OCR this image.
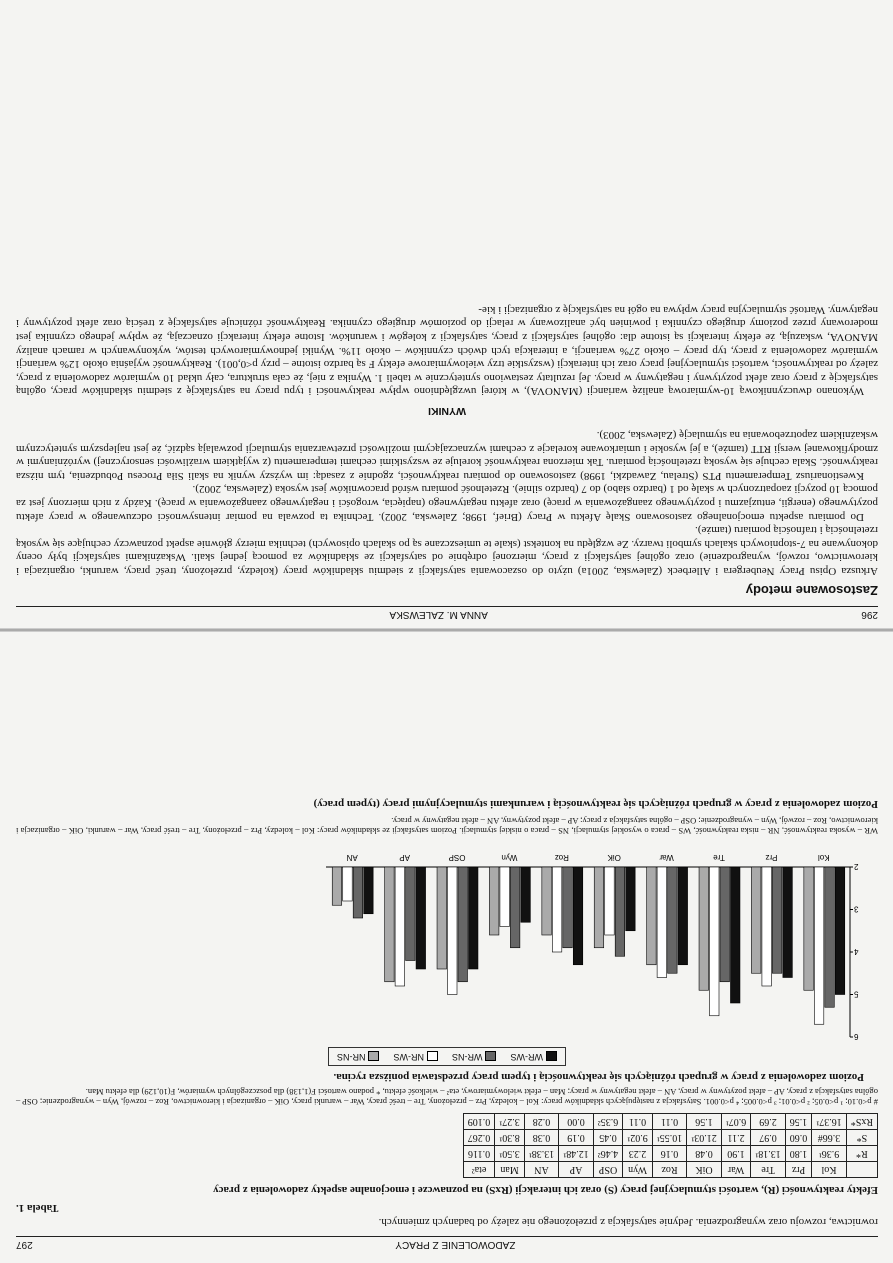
296
ANNA M. ZALEWSKA
Zastosowane metody

Arkusza Opisu Pracy Neubergera i Allerbeck (Zalewska, 2001a) użyto do oszacowania satysfakcji z siedmiu składników pracy (koledzy, przełożony, treść pracy, warunki, organizacja i kierownictwo, rozwój, wynagrodzenie) oraz ogólnej satysfakcji z pracy, mierzonej odrębnie od satysfakcji ze składników za pomocą jednej skali. Wskaźnikami satysfakcji były oceny dokonywane na 7-stopniowych skalach symboli twarzy. Ze względu na kontekst (skale te umieszczane są po skalach opisowych) technika mierzy głównie aspekt poznawczy cechujące się wysoką rzetelnością i trafnością pomiaru (tamże).

Do pomiaru aspektu emocjonalnego zastosowano Skalę Afektu w Pracy (Brief, 1998; Zalewska, 2002). Technika ta pozwala na pomiar intensywności odczuwanego w pracy afektu pozytywnego (energii, entuzjazmu i pozytywnego zaangażowania w pracę) oraz afektu negatywnego (napięcia, wrogości i negatywnego zaangażowania w pracę). Każdy z nich mierzony jest za pomocą 10 pozycji zaopatrzonych w skalę od 1 (bardzo słabo) do 7 (bardzo silnie). Rzetelność pomiaru wśród pracowników jest wysoka (Zalewska, 2002).

Kwestionariusz Temperamentu PTS (Strelau, Zawadzki, 1998) zastosowano do pomiaru reaktywności, zgodnie z zasadą: im wyższy wynik na skali Siła Procesu Pobudzenia, tym niższa reaktywność. Skala cechuje się wysoką rzetelnością pomiaru. Tak mierzona reaktywność koreluje ze wszystkimi cechami temperamentu (z wyjątkiem wrażliwości sensorycznej) wyróżnianymi w zmodyfikowanej wersji RTT (tamże), a jej wysokie i umiarkowane korelacje z cechami wyznaczającymi możliwości przetwarzania stymulacji pozwalają sądzić, że jest najlepszym syntetycznym wskaźnikiem zapotrzebowania na stymulację (Zalewska, 2003).

WYNIKI

Wykonano dwuczynnikową 10-wymiarową analizę wariancji (MANOVA), w której uwzględniono wpływ reaktywności i typu pracy na satysfakcję z siedmiu składników pracy, ogólną satysfakcję z pracy oraz afekt pozytywny i negatywny w pracy. Jej rezultaty zestawiono syntetycznie w tabeli 1. Wynika z niej, że cała struktura, cały układ 10 wymiarów zadowolenia z pracy, zależy od reaktywności, wartości stymulacyjnej pracy oraz ich interakcji (wszystkie trzy wielowymiarowe efekty F są bardzo istotne – przy p<0,001). Reaktywność wyjaśnia około 12% wariancji wymiarów zadowolenia z pracy, typ pracy – około 27% wariancji, a interakcja tych dwóch czynników – około 11%. Wyniki jednowymiarowych testów, wykonywanych w ramach analizy MANOVA, wskazują, że efekty interakcji są istotne dla: ogólnej satysfakcji z pracy, satysfakcji z kolegów i warunków. Istotne efekty interakcji oznaczają, że wpływ jednego czynnika jest moderowany przez poziomy drugiego czynnika i powinien być analizowany w relacji do poziomów drugiego czynnika. Reaktywność różnicuje satysfakcję z treścią oraz afekt pozytywny i negatywny. Wartość stymulacyjna pracy wpływa na ogół na satysfakcję z organizacji i kie-

ZADOWOLENIE Z PRACY
297

rownictwa, rozwoju oraz wynagrodzenia. Jedynie satysfakcja z przełożonego nie zależy od badanych zmiennych.

Tabela 1.
Efekty reaktywności (R), wartości stymulacyjnej pracy (S) oraz ich interakcji (RxS) na poznawcze i emocjonalne aspekty zadowolenia z pracy
	Kol	Prz	Tre	War	OiK	Roz	Wyn	OSP	AP	AN	Man	eta²
R*	9.36¹	1.80	13.18¹	1.90	0.48	0.16	2.23	4.46²	12.48¹	13.38¹	3.50¹	0.116
S*	3.66#	0.60	0.97	2.11	21.03¹	10.55¹	9.02¹	0.45	0.19	0.38	8.30¹	0.267
RxS*	16.37¹	1.56	2.69	6.07¹	1.56	0.11	0.11	6.35²	0.00	0.28	3.27¹	0.109
# p<0.10; ¹ p<0.05; ² p<0.01; ³ p<0.005; ⁴ p<0.001. Satysfakcja z następujących składników pracy: Kol – koledzy, Prz – przełożony, Tre – treść pracy, War – warunki pracy, OiK – organizacja i kierownictwo, Roz – rozwój, Wyn – wynagrodzenie; OSP – ogólna satysfakcja z pracy, AP – afekt pozytywny w pracy, AN – afekt negatywny w pracy; Man – efekt wielowymiarowy, eta² – wielkość efektu, * podano wartości F(1,138) dla poszczególnych wymiarów, F(10,129) dla efektu Man.

Poziom zadowolenia z pracy w grupach różniących się reaktywnością i typem pracy przedstawia poniższa rycina.

WR-WS
WR-NS
NR-WS
NR-NS
2
3
4
5
6
Kol
Prz
Tre
War
OiK
Roz
Wyn
OSP
AP
AN
WR – wysoka reaktywność, NR – niska reaktywność, WS – praca o wysokiej stymulacji, NS – praca o niskiej stymulacji. Poziom satysfakcji ze składników pracy: Kol – koledzy, Prz – przełożony, Tre – treść pracy, War – warunki, OiK – organizacja i kierownictwo, Roz – rozwój, Wyn – wynagrodzenie; OSP – ogólna satysfakcja z pracy; AP – afekt pozytywny, AN – afekt negatywny w pracy.
Poziom zadowolenia z pracy w grupach różniących się reaktywnością i warunkami stymulacyjnymi pracy (typem pracy)
